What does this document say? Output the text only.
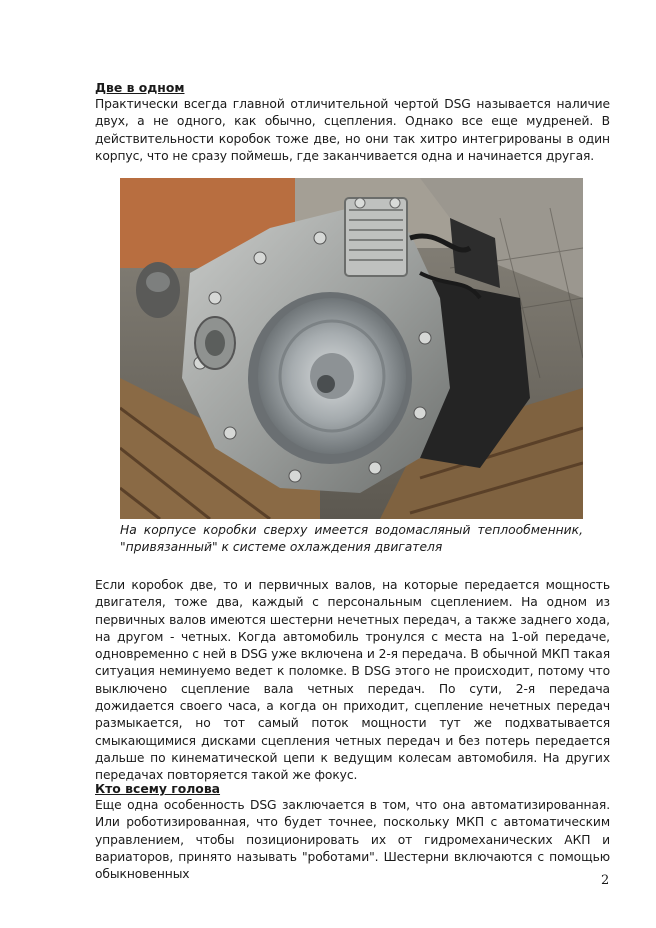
Две в одном

Практически всегда главной отличительной чертой DSG называется наличие двух, а не одного, как обычно, сцепления. Однако все еще мудреней. В действительности коробок тоже две, но они так хитро интегрированы в один корпус, что не сразу поймешь, где заканчивается одна и начинается другая.

На корпусе коробки сверху имеется водомасляный теплообменник, "привязанный" к системе охлаждения двигателя

Если коробок две, то и первичных валов, на которые передается мощность двигателя, тоже два, каждый с персональным сцеплением. На одном из первичных валов имеются шестерни нечетных передач, а также заднего хода, на другом - четных. Когда автомобиль тронулся с места на 1-ой передаче, одновременно с ней в DSG уже включена и 2-я передача. В обычной МКП такая ситуация неминуемо ведет к поломке. В DSG этого не происходит, потому что выключено сцепление вала четных передач. По сути, 2-я передача дожидается своего часа, а когда он приходит, сцепление нечетных передач размыкается, но тот самый поток мощности тут же подхватывается смыкающимися дисками сцепления четных передач и без потерь передается дальше по кинематической цепи к ведущим колесам автомобиля. На других передачах повторяется такой же фокус.

Кто всему голова

Еще одна особенность DSG заключается в том, что она автоматизированная. Или роботизированная, что будет точнее, поскольку МКП с автоматическим управлением, чтобы позиционировать их от гидромеханических АКП и вариаторов, принято называть "роботами". Шестерни включаются с помощью обыкновенных	2
